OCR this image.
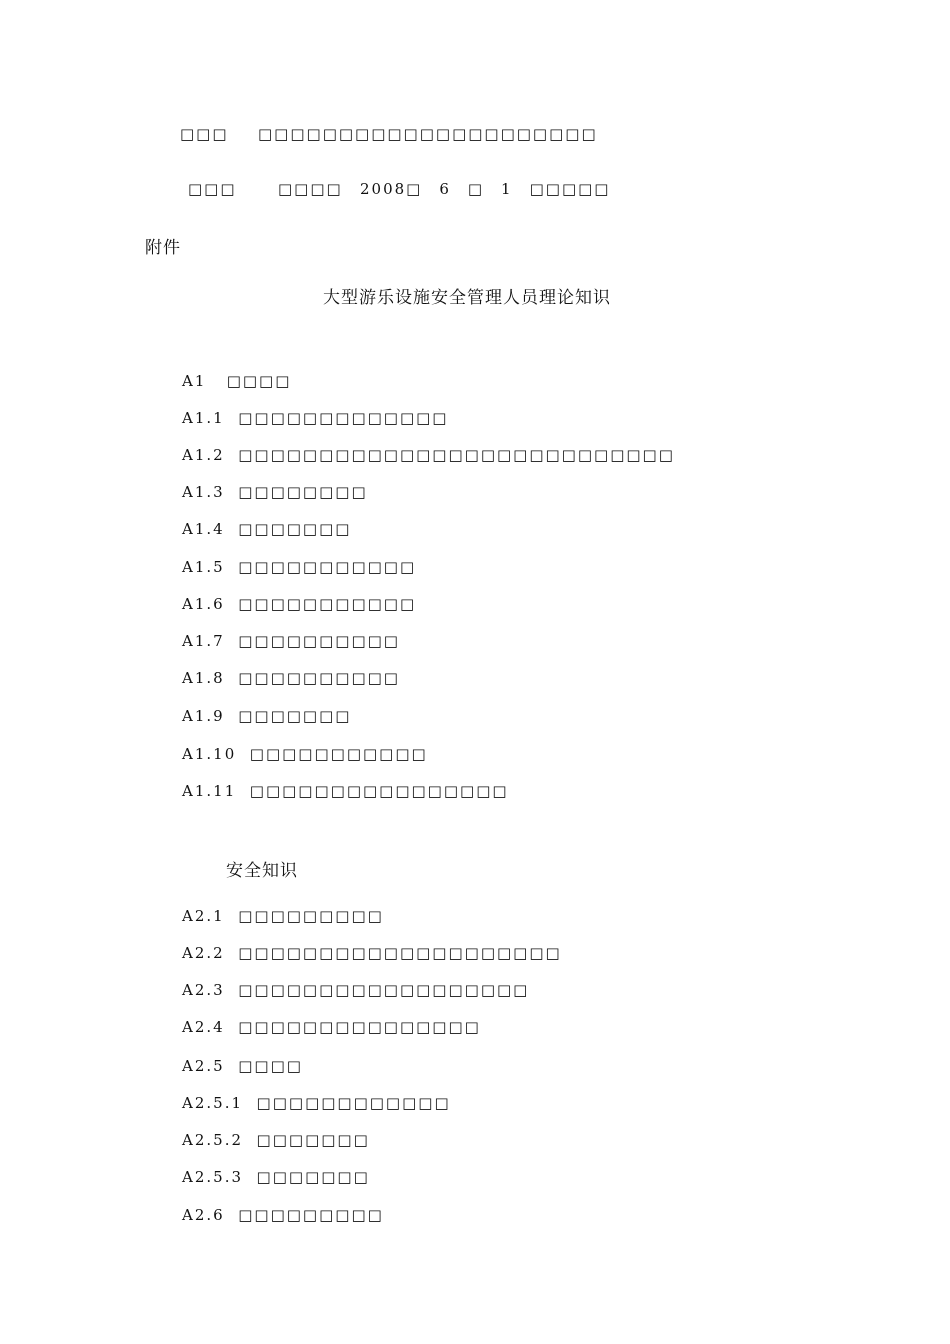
□□□ □□□□□□□□□□□□□□□□□□□□□
□□□	□□□□ 2008□　6　□　1　□□□□□
附件
大型游乐设施安全管理人员理论知识
A1 □□□□
A1.1 □□□□□□□□□□□□□
A1.2 □□□□□□□□□□□□□□□□□□□□□□□□□□□
A1.3 □□□□□□□□
A1.4 □□□□□□□
A1.5 □□□□□□□□□□□
A1.6 □□□□□□□□□□□
A1.7 □□□□□□□□□□
A1.8 □□□□□□□□□□
A1.9 □□□□□□□
A1.10 □□□□□□□□□□□
A1.11 □□□□□□□□□□□□□□□□
安全知识
A2.1 □□□□□□□□□
A2.2 □□□□□□□□□□□□□□□□□□□□
A2.3 □□□□□□□□□□□□□□□□□□
A2.4 □□□□□□□□□□□□□□□
A2.5 □□□□
A2.5.1 □□□□□□□□□□□□
A2.5.2 □□□□□□□
A2.5.3 □□□□□□□
A2.6 □□□□□□□□□
